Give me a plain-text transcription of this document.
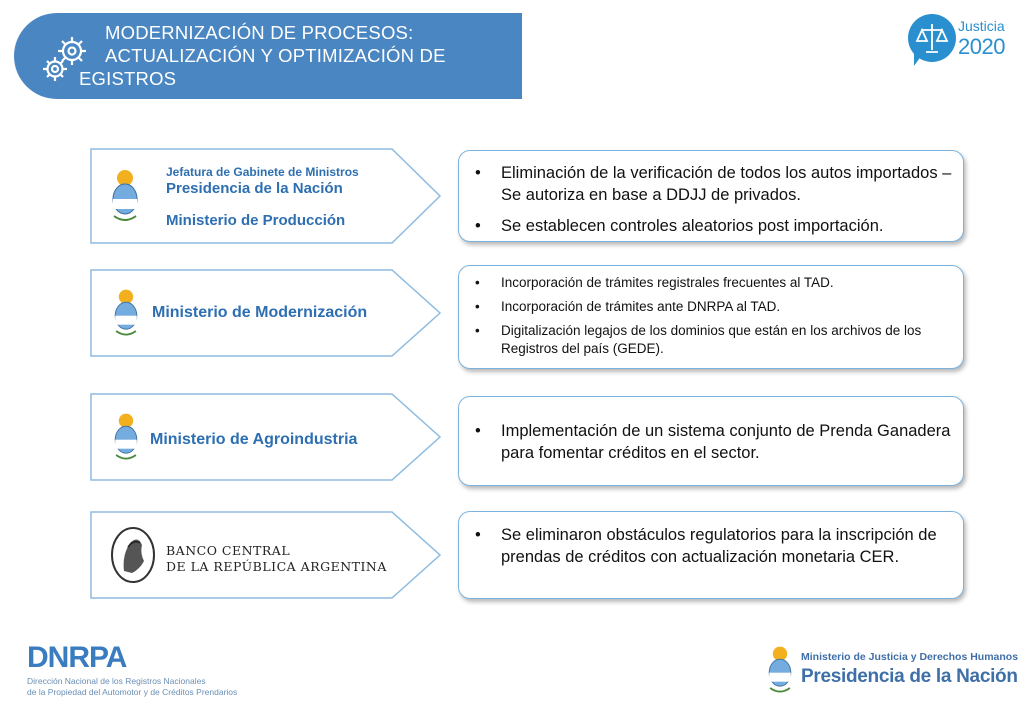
MODERNIZACIÓN DE PROCESOS:
ACTUALIZACIÓN Y OPTIMIZACIÓN DE
EGISTROS
Justicia
2020
Jefatura de Gabinete de Ministros
Presidencia de la Nación
Ministerio de Producción
• Eliminación de la verificación de todos los autos importados – Se autoriza en base a DDJJ de privados.
• Se establecen controles aleatorios post importación.
Ministerio de Modernización
• Incorporación de trámites registrales frecuentes al TAD.
• Incorporación de trámites ante DNRPA al TAD.
• Digitalización legajos de los dominios que están en los archivos de los Registros del país (GEDE).
Ministerio de Agroindustria
•	Implementación de un sistema conjunto de Prenda Ganadera para fomentar créditos en el sector.
BANCO CENTRAL
DE LA REPÚBLICA ARGENTINA
• Se eliminaron obstáculos regulatorios para la inscripción de prendas de créditos con actualización monetaria CER.
DNRPA
Dirección Nacional de los Registros Nacionales
de la Propiedad del Automotor y de Créditos Prendarios
Ministerio de Justicia y Derechos Humanos
Presidencia de la Nación
